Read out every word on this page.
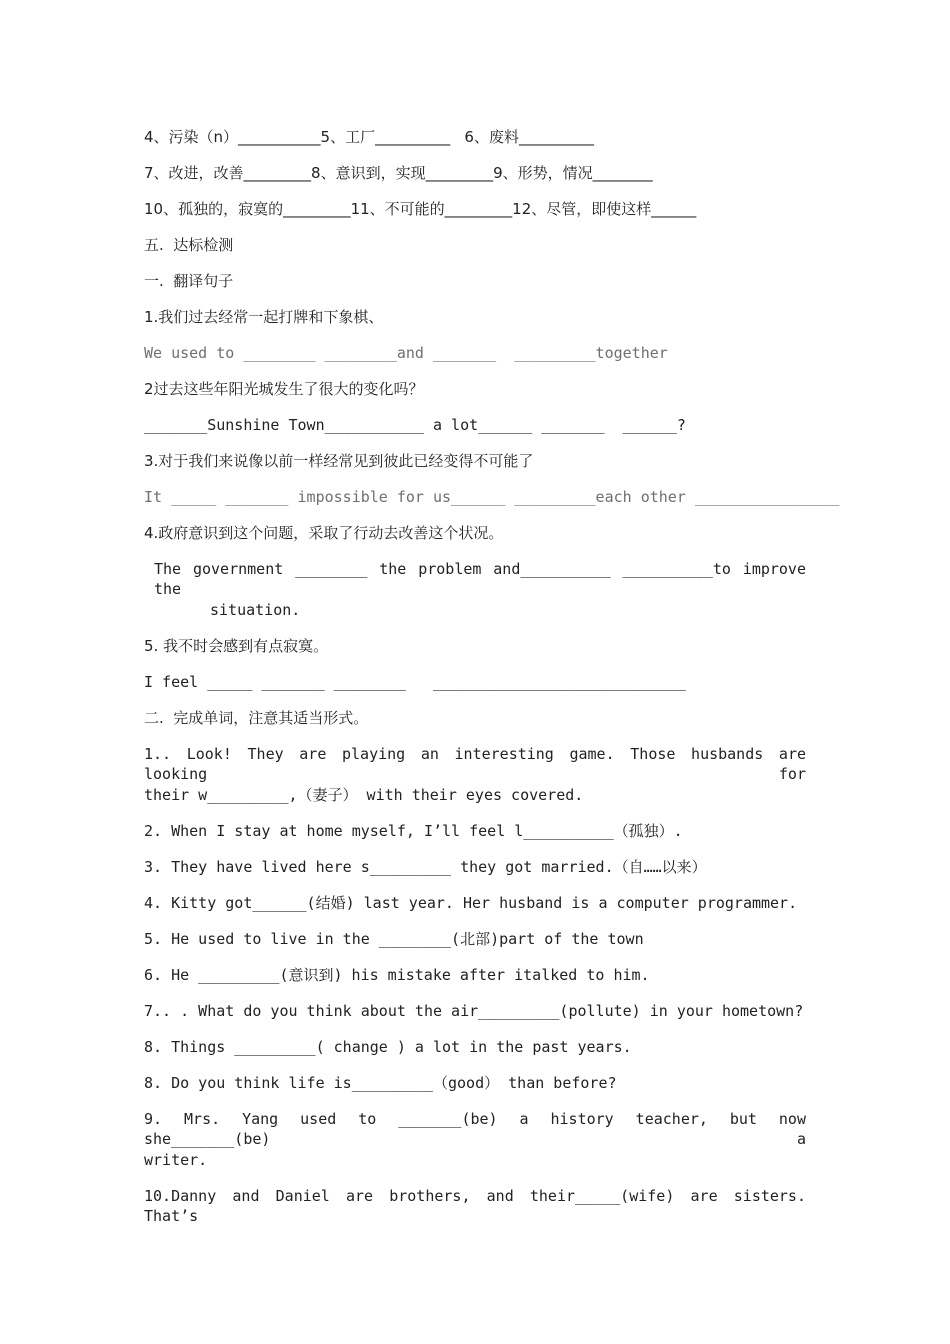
4、污染（n）___________5、工厂__________   6、废料__________
7、改进，改善_________8、意识到，实现_________9、形势，情况________
10、孤独的，寂寞的_________11、不可能的_________12、尽管，即使这样______
五.  达标检测
一.  翻译句子
1.我们过去经常一起打牌和下象棋、
We used to ________ ________and _______  _________together
2过去这些年阳光城发生了很大的变化吗？
_______Sunshine Town___________ a lot______ _______  ______?
3.对于我们来说像以前一样经常见到彼此已经变得不可能了
It _____ _______ impossible for us______ _________each other ________________
4.政府意识到这个问题，采取了行动去改善这个状况。
The government ________ the problem and__________ __________to improve the
situation.
5. 我不时会感到有点寂寞。
I feel _____ _______ ________   ____________________________
二.  完成单词，注意其适当形式。
1.. Look! They are playing an interesting game. Those husbands are looking for
their w_________,（妻子） with their eyes covered.
2. When I stay at home myself, I’ll feel l__________（孤独）.
3. They have lived here s_________ they got married.（自……以来）
4. Kitty got______(结婚) last year. Her husband is a computer programmer.
5. He used to live in the ________(北部)part of the town
6. He _________(意识到) his mistake after italked to him.
7.. . What do you think about the air_________(pollute) in your hometown?
8. Things _________( change ) a lot in the past years.
8. Do you think life is_________（good） than before?
9. Mrs. Yang used to _______(be) a history teacher, but now she_______(be) a
writer.
10.Danny and Daniel are brothers, and their_____(wife) are sisters. That’s
